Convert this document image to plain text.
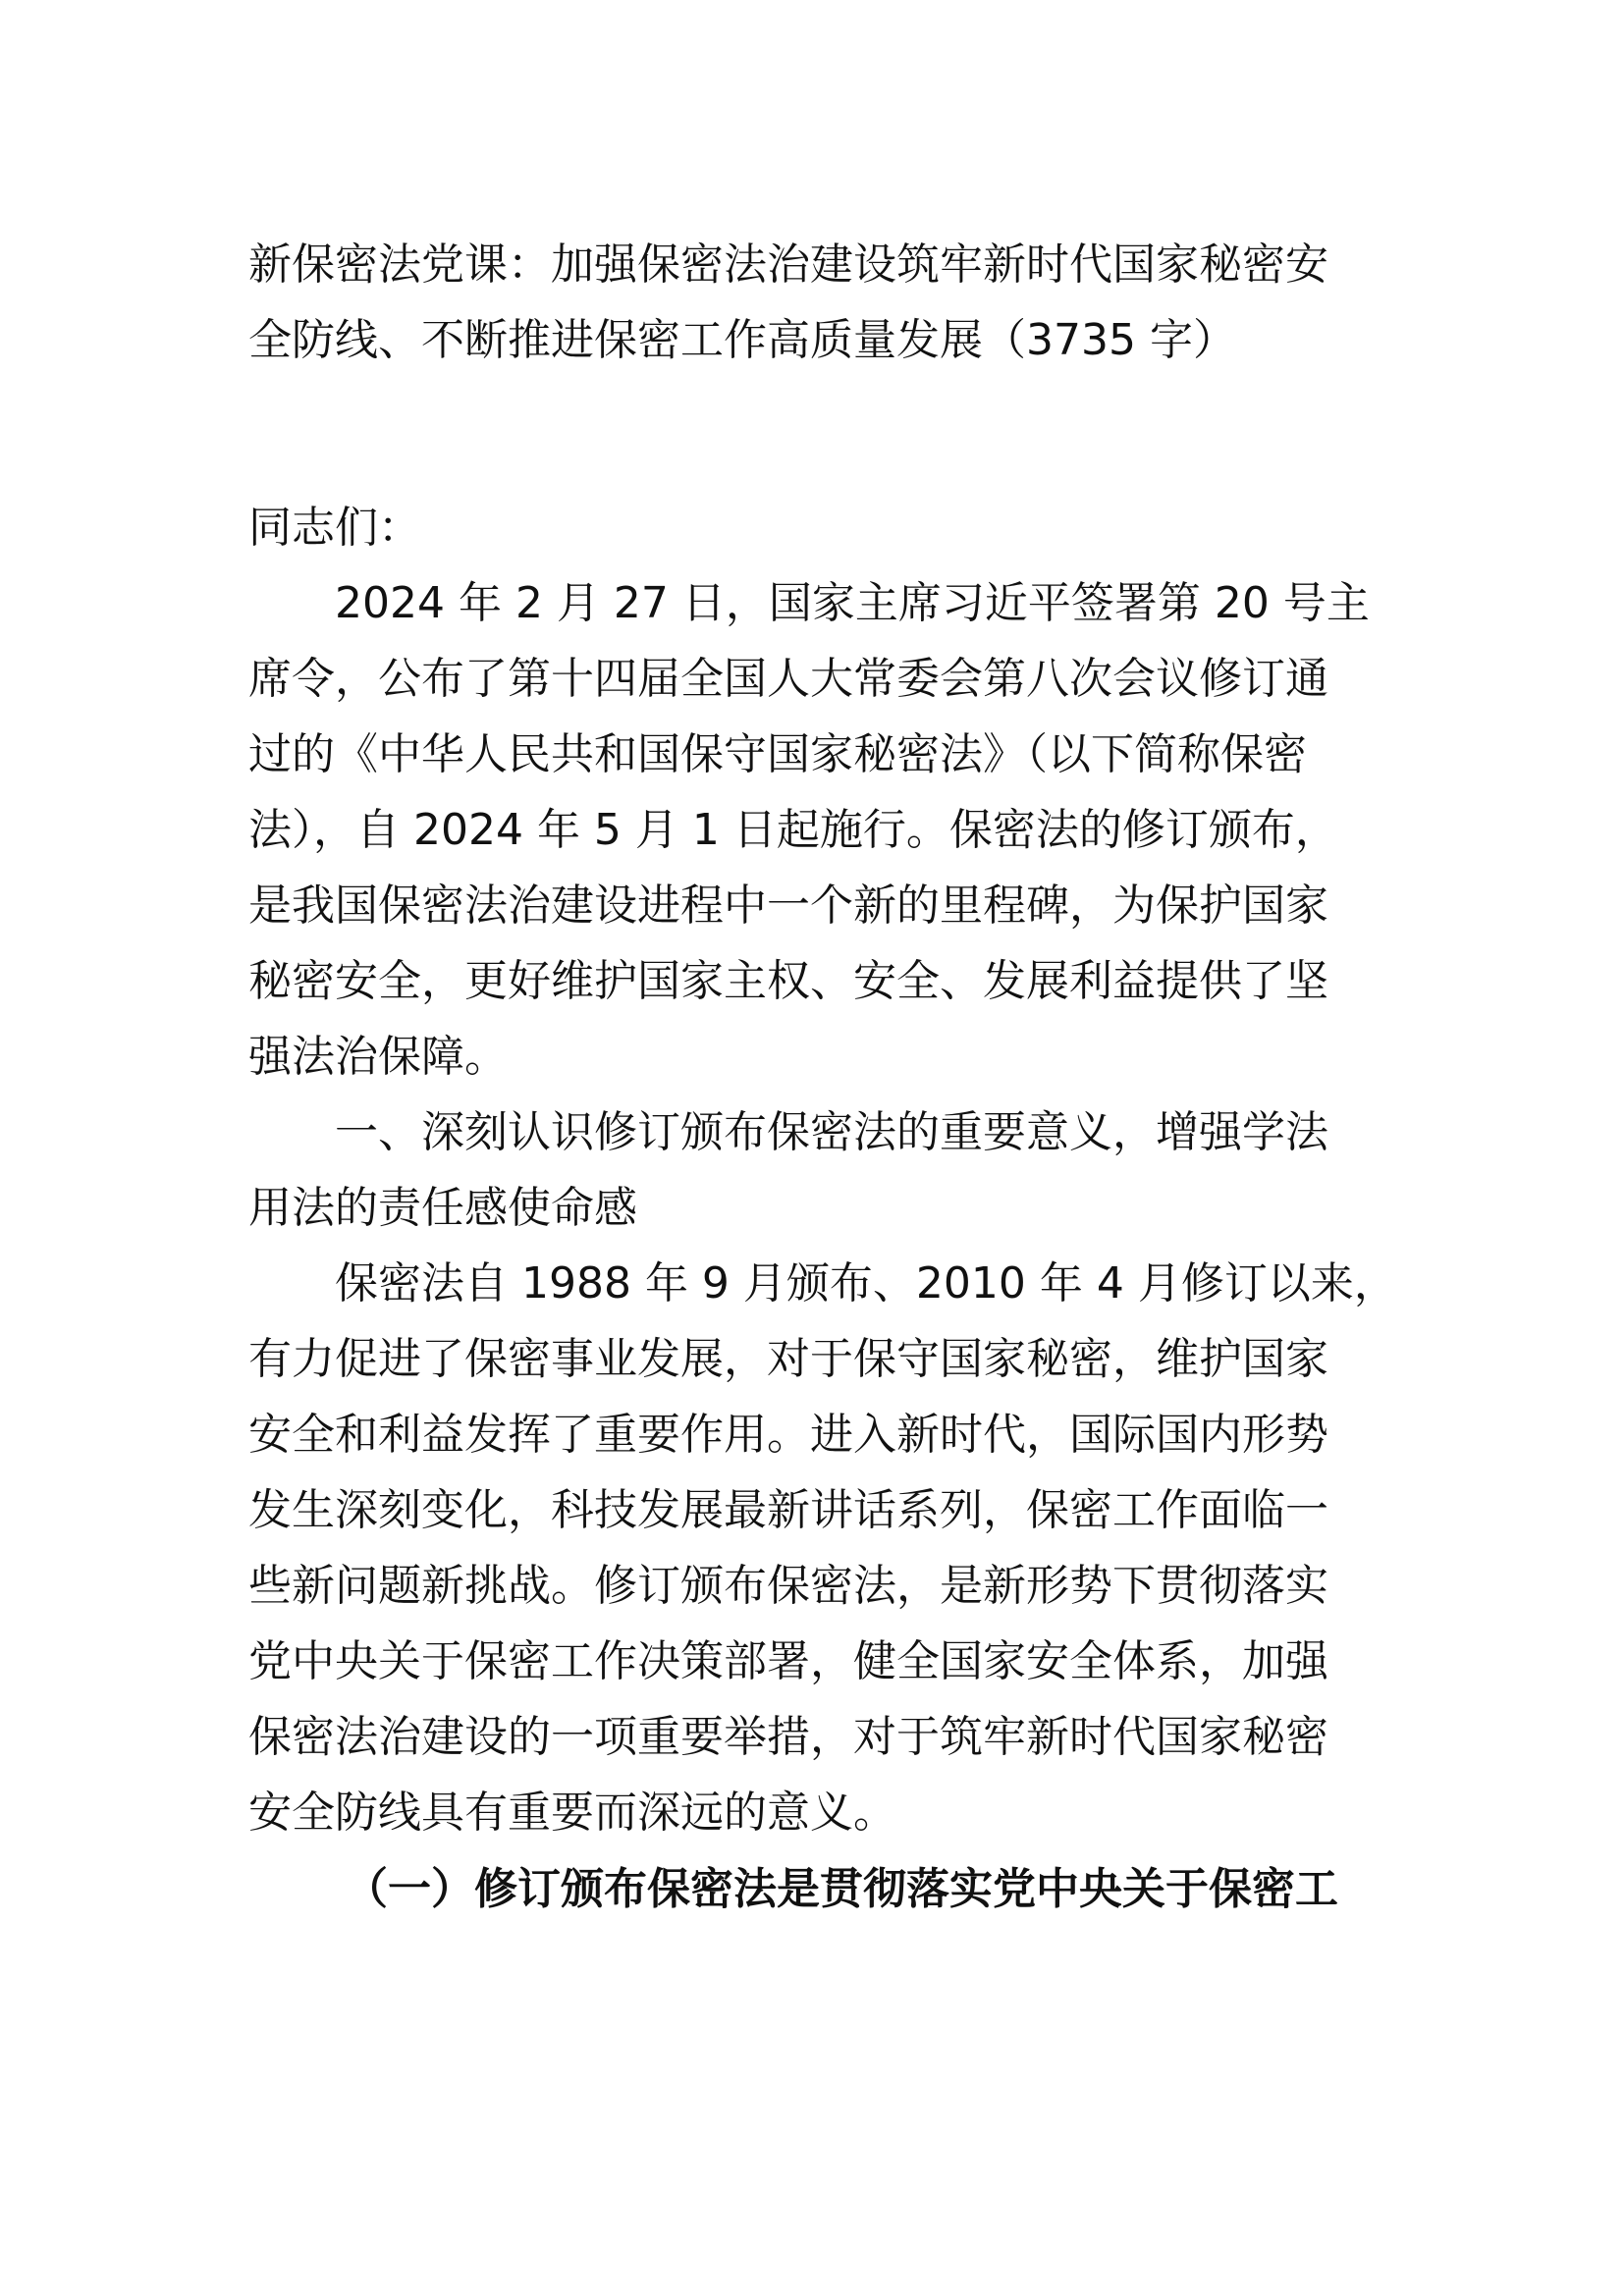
新保密法党课：加强保密法治建设筑牢新时代国家秘密安
全防线、不断推进保密工作高质量发展（3735 字）
同志们：
2024 年 2 月 27 日，国家主席习近平签署第 20 号主
席令，公布了第十四届全国人大常委会第八次会议修订通
过的《中华人民共和国保守国家秘密法》（以下简称保密
法），自 2024 年 5 月 1 日起施行。保密法的修订颁布，
是我国保密法治建设进程中一个新的里程碑，为保护国家
秘密安全，更好维护国家主权、安全、发展利益提供了坚
强法治保障。
一、深刻认识修订颁布保密法的重要意义，增强学法
用法的责任感使命感
保密法自 1988 年 9 月颁布、2010 年 4 月修订以来，
有力促进了保密事业发展，对于保守国家秘密，维护国家
安全和利益发挥了重要作用。进入新时代，国际国内形势
发生深刻变化，科技发展最新讲话系列，保密工作面临一
些新问题新挑战。修订颁布保密法，是新形势下贯彻落实
党中央关于保密工作决策部署，健全国家安全体系，加强
保密法治建设的一项重要举措，对于筑牢新时代国家秘密
安全防线具有重要而深远的意义。
（一）修订颁布保密法是贯彻落实党中央关于保密工
